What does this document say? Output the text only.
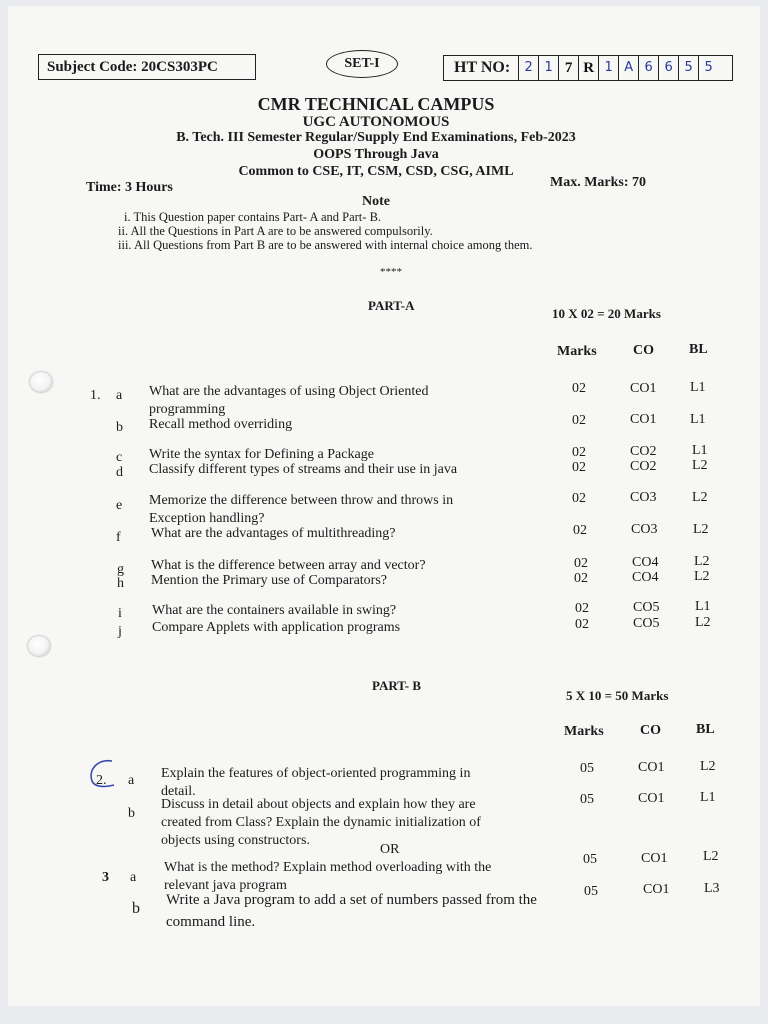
Subject Code: 20CS303PC	SET-I	HT NO:	2 1 7 R 1 A 6 6 5 5
CMR TECHNICAL CAMPUS
UGC AUTONOMOUS
B. Tech. III Semester Regular/Supply End Examinations, Feb-2023
OOPS Through Java
Common to CSE, IT, CSM, CSD, CSG, AIML
Time: 3 Hours	Max. Marks: 70
Note
i. This Question paper contains Part- A and Part- B.
ii. All the Questions in Part A are to be answered compulsorily.
iii. All Questions from Part B are to be answered with internal choice among them.
****
PART-A
10 X 02 = 20 Marks
Marks	CO	BL
1. a What are the advantages of using Object Oriented
programming
02	CO1 L1
b Recall method overriding	02	CO1 L1
c Write the syntax for Defining a Package	02	CO2	L1
d Classify different types of streams and their use in java	02	CO2	L2
e Memorize the difference between throw and throws in
Exception handling?
02	CO3	L2
f What are the advantages of multithreading?	02	CO3	L2
g What is the difference between array and vector?	02	CO4	L2
h Mention the Primary use of Comparators?	02	CO4	L2
i What are the containers available in swing?	02	CO5	L1
j Compare Applets with application programs	02	CO5	L2
PART- B
5 X 10 = 50 Marks
Marks	CO	BL
2. a Explain the features of object-oriented programming in
detail.
05	CO1	L2
b
Discuss in detail about objects and explain how they are
created from Class? Explain the dynamic initialization of
objects using constructors.
05	CO1	L1
OR
3 a
What is the method? Explain method overloading with the
relevant java program
05	CO1	L2
b Write a Java program to add a set of numbers passed from the
command line.
05	CO1 L3
